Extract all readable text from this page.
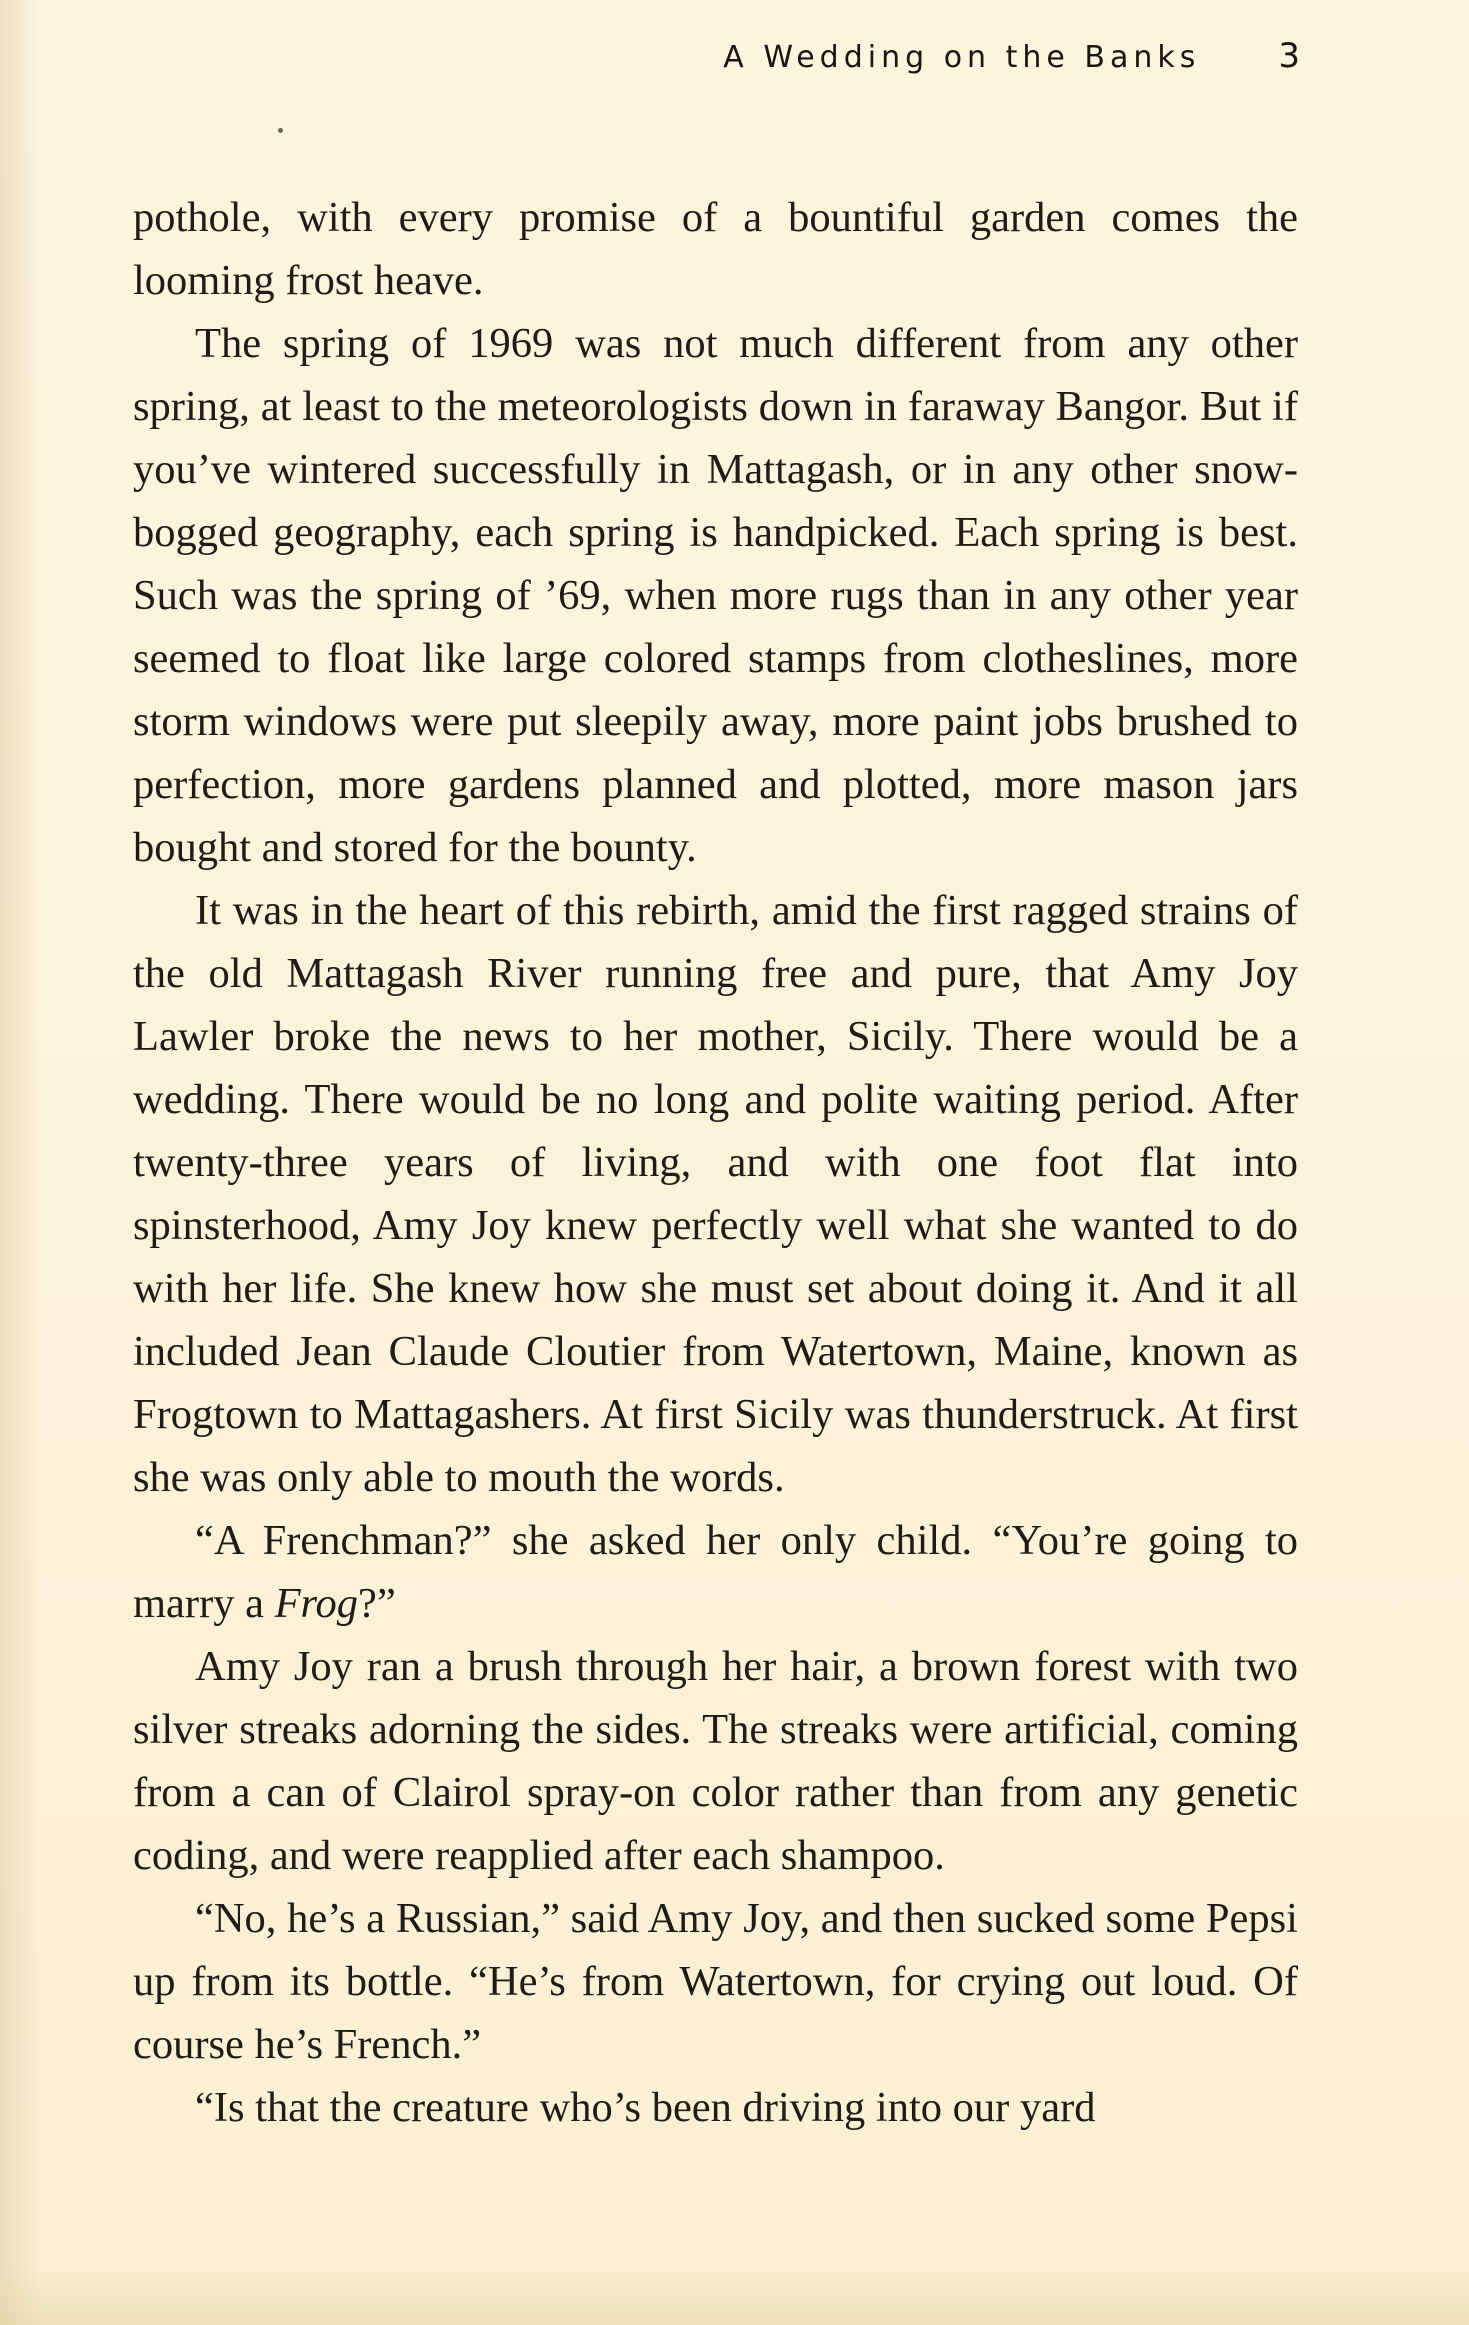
A Wedding on the Banks 3

pothole, with every promise of a bountiful garden comes the looming frost heave.

The spring of 1969 was not much different from any other spring, at least to the meteorologists down in faraway Bangor. But if you’ve wintered successfully in Mattagash, or in any other snow-bogged geography, each spring is handpicked. Each spring is best. Such was the spring of ’69, when more rugs than in any other year seemed to float like large colored stamps from clotheslines, more storm windows were put sleepily away, more paint jobs brushed to perfection, more gardens planned and plotted, more mason jars bought and stored for the bounty.

It was in the heart of this rebirth, amid the first ragged strains of the old Mattagash River running free and pure, that Amy Joy Lawler broke the news to her mother, Sicily. There would be a wedding. There would be no long and polite waiting period. After twenty-three years of living, and with one foot flat into spinsterhood, Amy Joy knew perfectly well what she wanted to do with her life. She knew how she must set about doing it. And it all included Jean Claude Cloutier from Watertown, Maine, known as Frogtown to Mattagashers. At first Sicily was thunderstruck. At first she was only able to mouth the words.

“A Frenchman?” she asked her only child. “You’re going to marry a Frog?”

Amy Joy ran a brush through her hair, a brown forest with two silver streaks adorning the sides. The streaks were artificial, coming from a can of Clairol spray-on color rather than from any genetic coding, and were reapplied after each shampoo.

“No, he’s a Russian,” said Amy Joy, and then sucked some Pepsi up from its bottle. “He’s from Watertown, for crying out loud. Of course he’s French.”

“Is that the creature who’s been driving into our yard
